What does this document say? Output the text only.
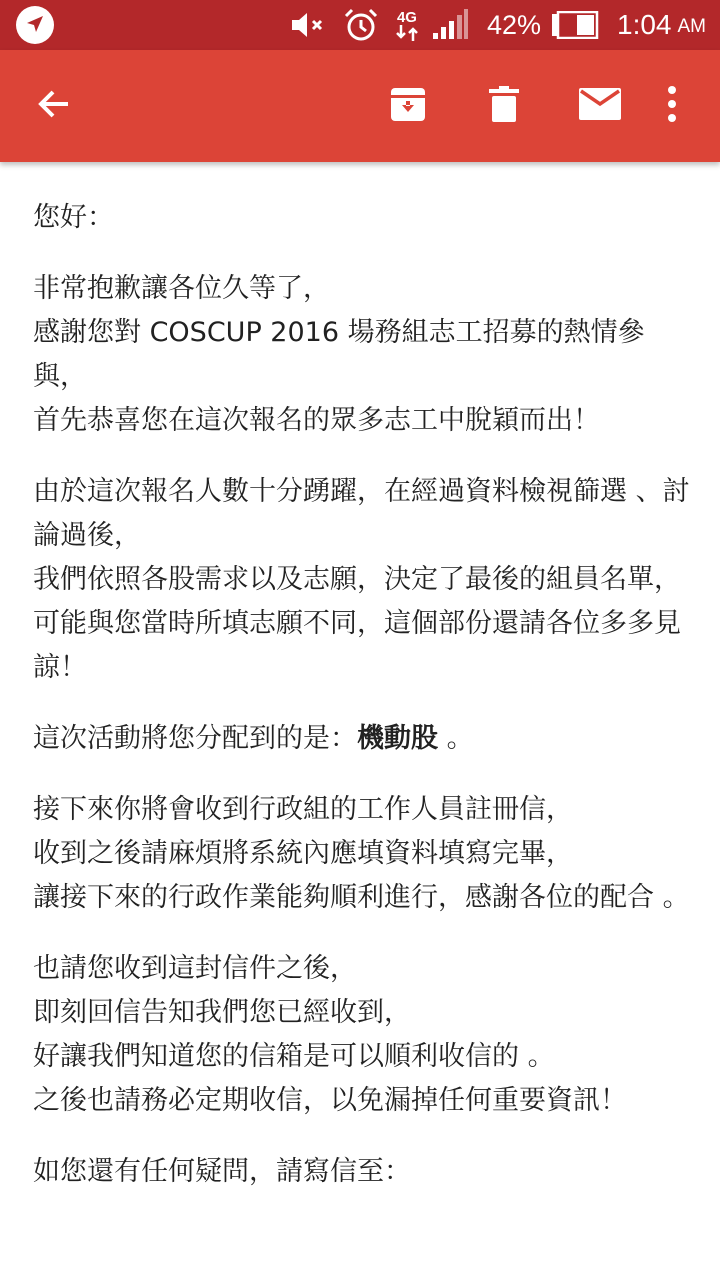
4G	42%	1:04 AM
您好：
非常抱歉讓各位久等了，
感謝您對 COSCUP 2016 場務組志工招募的熱情參與，
首先恭喜您在這次報名的眾多志工中脫穎而出！
由於這次報名人數十分踴躍，在經過資料檢視篩選 、討論過後，
我們依照各股需求以及志願，決定了最後的組員名單，
可能與您當時所填志願不同，這個部份還請各位多多見諒！
這次活動將您分配到的是：機動股 。
接下來你將會收到行政組的工作人員註冊信，
收到之後請麻煩將系統內應填資料填寫完畢，
讓接下來的行政作業能夠順利進行，感謝各位的配合 。
也請您收到這封信件之後，
即刻回信告知我們您已經收到，
好讓我們知道您的信箱是可以順利收信的 。
之後也請務必定期收信，以免漏掉任何重要資訊！
如您還有任何疑問，請寫信至：
